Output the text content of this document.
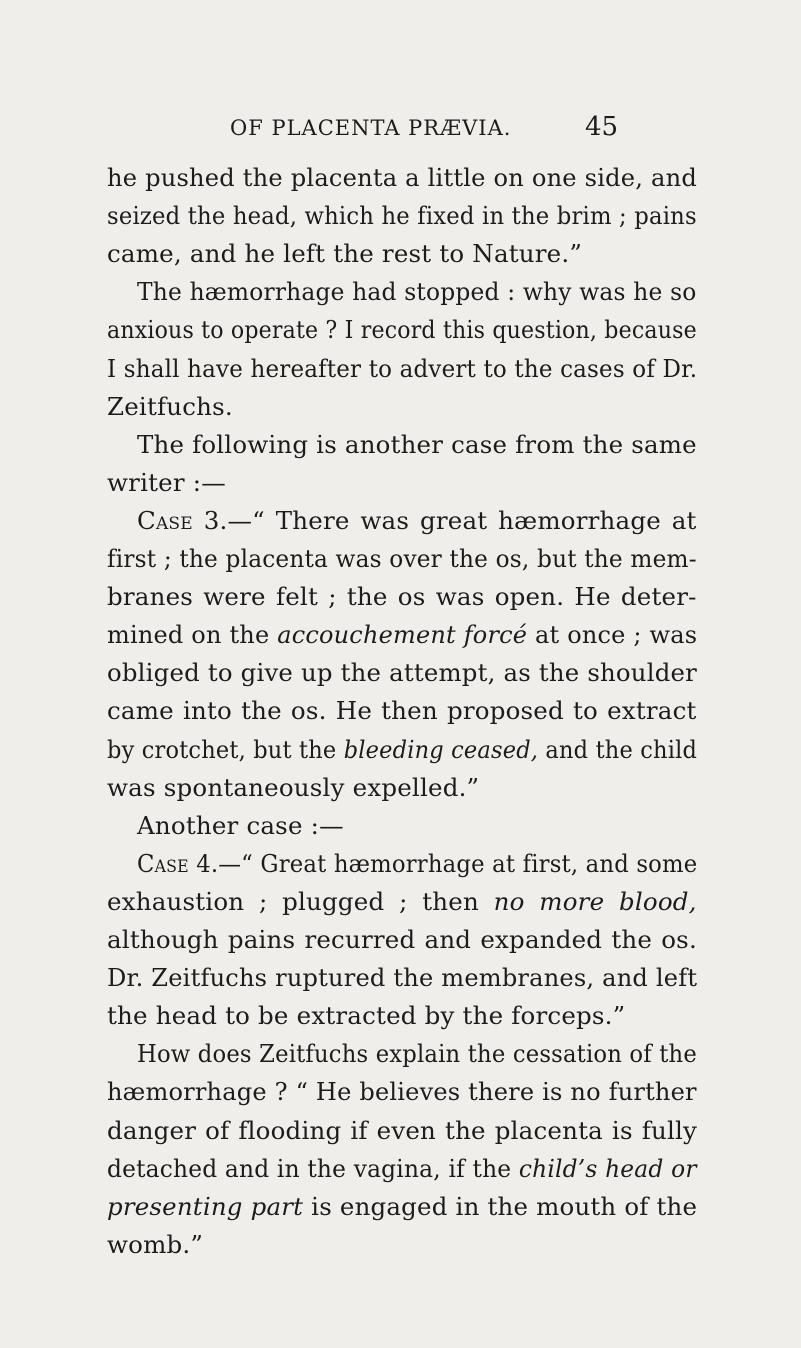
OF PLACENTA PRÆVIA.	45
he pushed the placenta a little on one side, and
seized the head, which he fixed in the brim ; pains
came, and he left the rest to Nature.”
The hæmorrhage had stopped : why was he so
anxious to operate ? I record this question, because
I shall have hereafter to advert to the cases of Dr.
Zeitfuchs.
The following is another case from the same
writer :—
Case 3.—“ There was great hæmorrhage at
first ; the placenta was over the os, but the mem-
branes were felt ; the os was open. He deter-
mined on the accouchement forcé at once ; was
obliged to give up the attempt, as the shoulder
came into the os. He then proposed to extract
by crotchet, but the bleeding ceased, and the child
was spontaneously expelled.”
Another case :—
Case 4.—“ Great hæmorrhage at first, and some
exhaustion ; plugged ; then no more blood,
although pains recurred and expanded the os.
Dr. Zeitfuchs ruptured the membranes, and left
the head to be extracted by the forceps.”
How does Zeitfuchs explain the cessation of the
hæmorrhage ? “ He believes there is no further
danger of flooding if even the placenta is fully
detached and in the vagina, if the child’s head or
presenting part is engaged in the mouth of the
womb.”
